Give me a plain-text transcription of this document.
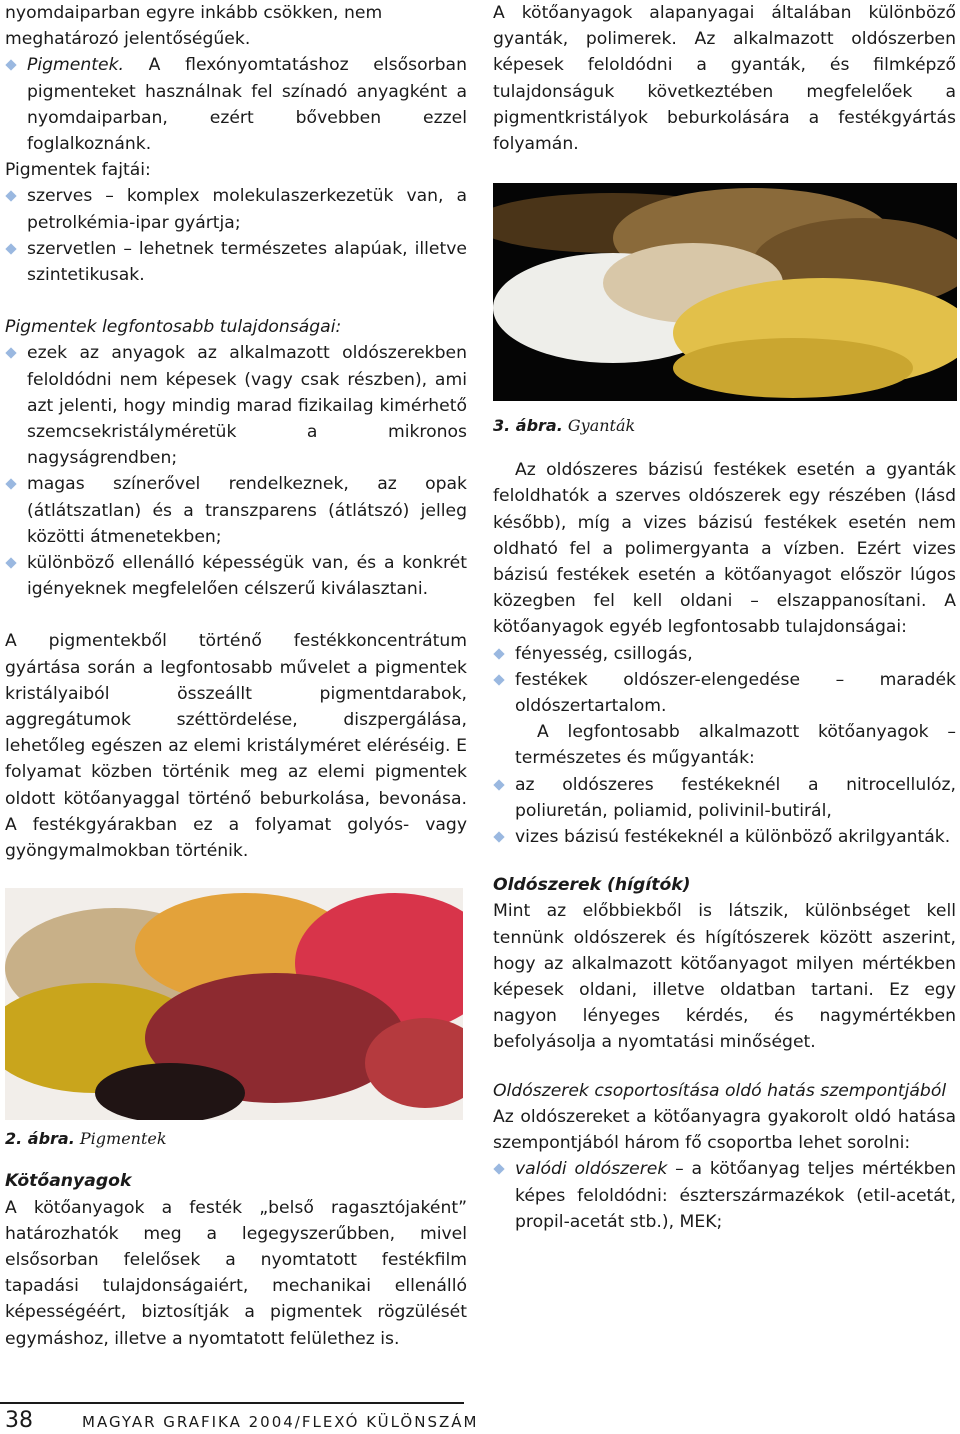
nyomdaiparban egyre inkább csökken, nem

meghatározó jelentőségűek.

Pigmentek. A flexónyomtatáshoz elsősorban pigmenteket használnak fel színadó anyagként a nyomdaiparban, ezért bővebben ezzel foglalkoznánk.

Pigmentek fajtái:

szerves – komplex molekulaszerkezetük van, a petrolkémia-ipar gyártja;

szervetlen – lehetnek természetes alapúak, illetve szintetikusak.

Pigmentek legfontosabb tulajdonságai:

ezek az anyagok az alkalmazott oldószerekben feloldódni nem képesek (vagy csak részben), ami azt jelenti, hogy mindig marad fizikailag kimérhető szemcsekristályméretük a mikronos nagyságrendben;

magas színerővel rendelkeznek, az opak (átlátszatlan) és a transzparens (átlátszó) jelleg közötti átmenetekben;

különböző ellenálló képességük van, és a konkrét igényeknek megfelelően célszerű kiválasztani.

A pigmentekből történő festékkoncentrátum gyártása során a legfontosabb művelet a pigmentek kristályaiból összeállt pigmentdarabok, aggregátumok széttördelése, diszpergálása, lehetőleg egészen az elemi kristályméret eléréséig. E folyamat közben történik meg az elemi pigmentek oldott kötőanyaggal történő beburkolása, bevonása. A festékgyárakban ez a folyamat golyós- vagy gyöngymalmokban történik.

2. ábra. Pigmentek

Kötőanyagok

A kötőanyagok a festék „belső ragasztójaként” határozhatók meg a legegyszerűbben, mivel elsősorban felelősek a nyomtatott festékfilm tapadási tulajdonságaiért, mechanikai ellenálló képességéért, biztosítják a pigmentek rögzülését egymáshoz, illetve a nyomtatott felülethez is.

A kötőanyagok alapanyagai általában különböző gyanták, polimerek. Az alkalmazott oldószerben képesek feloldódni a gyanták, és filmképző tulajdonságuk következtében megfelelőek a pigmentkristályok beburkolására a festékgyártás folyamán.

3. ábra. Gyanták

Az oldószeres bázisú festékek esetén a gyanták feloldhatók a szerves oldószerek egy részében (lásd később), míg a vizes bázisú festékek esetén nem oldható fel a polimergyanta a vízben. Ezért vizes bázisú festékek esetén a kötőanyagot először lúgos közegben fel kell oldani – elszappanosítani. A kötőanyagok egyéb legfontosabb tulajdonságai:

fényesség, csillogás,

festékek oldószer-elengedése – maradék oldószertartalom.

A legfontosabb alkalmazott kötőanyagok – természetes és műgyanták:

az oldószeres festékeknél a nitrocellulóz, poliuretán, poliamid, polivinil-butirál,

vizes bázisú festékeknél a különböző akrilgyanták.

Oldószerek (hígítók)

Mint az előbbiekből is látszik, különbséget kell tennünk oldószerek és hígítószerek között aszerint, hogy az alkalmazott kötőanyagot milyen mértékben képesek oldani, illetve oldatban tartani. Ez egy nagyon lényeges kérdés, és nagymértékben befolyásolja a nyomtatási minőséget.

Oldószerek csoportosítása oldó hatás szempontjából

Az oldószereket a kötőanyagra gyakorolt oldó hatása szempontjából három fő csoportba lehet sorolni:

valódi oldószerek – a kötőanyag teljes mértékben képes feloldódni: észterszármazékok (etil-acetát, propil-acetát stb.), MEK;

38	MAGYAR GRAFIKA 2004/FLEXÓ KÜLÖNSZÁM
